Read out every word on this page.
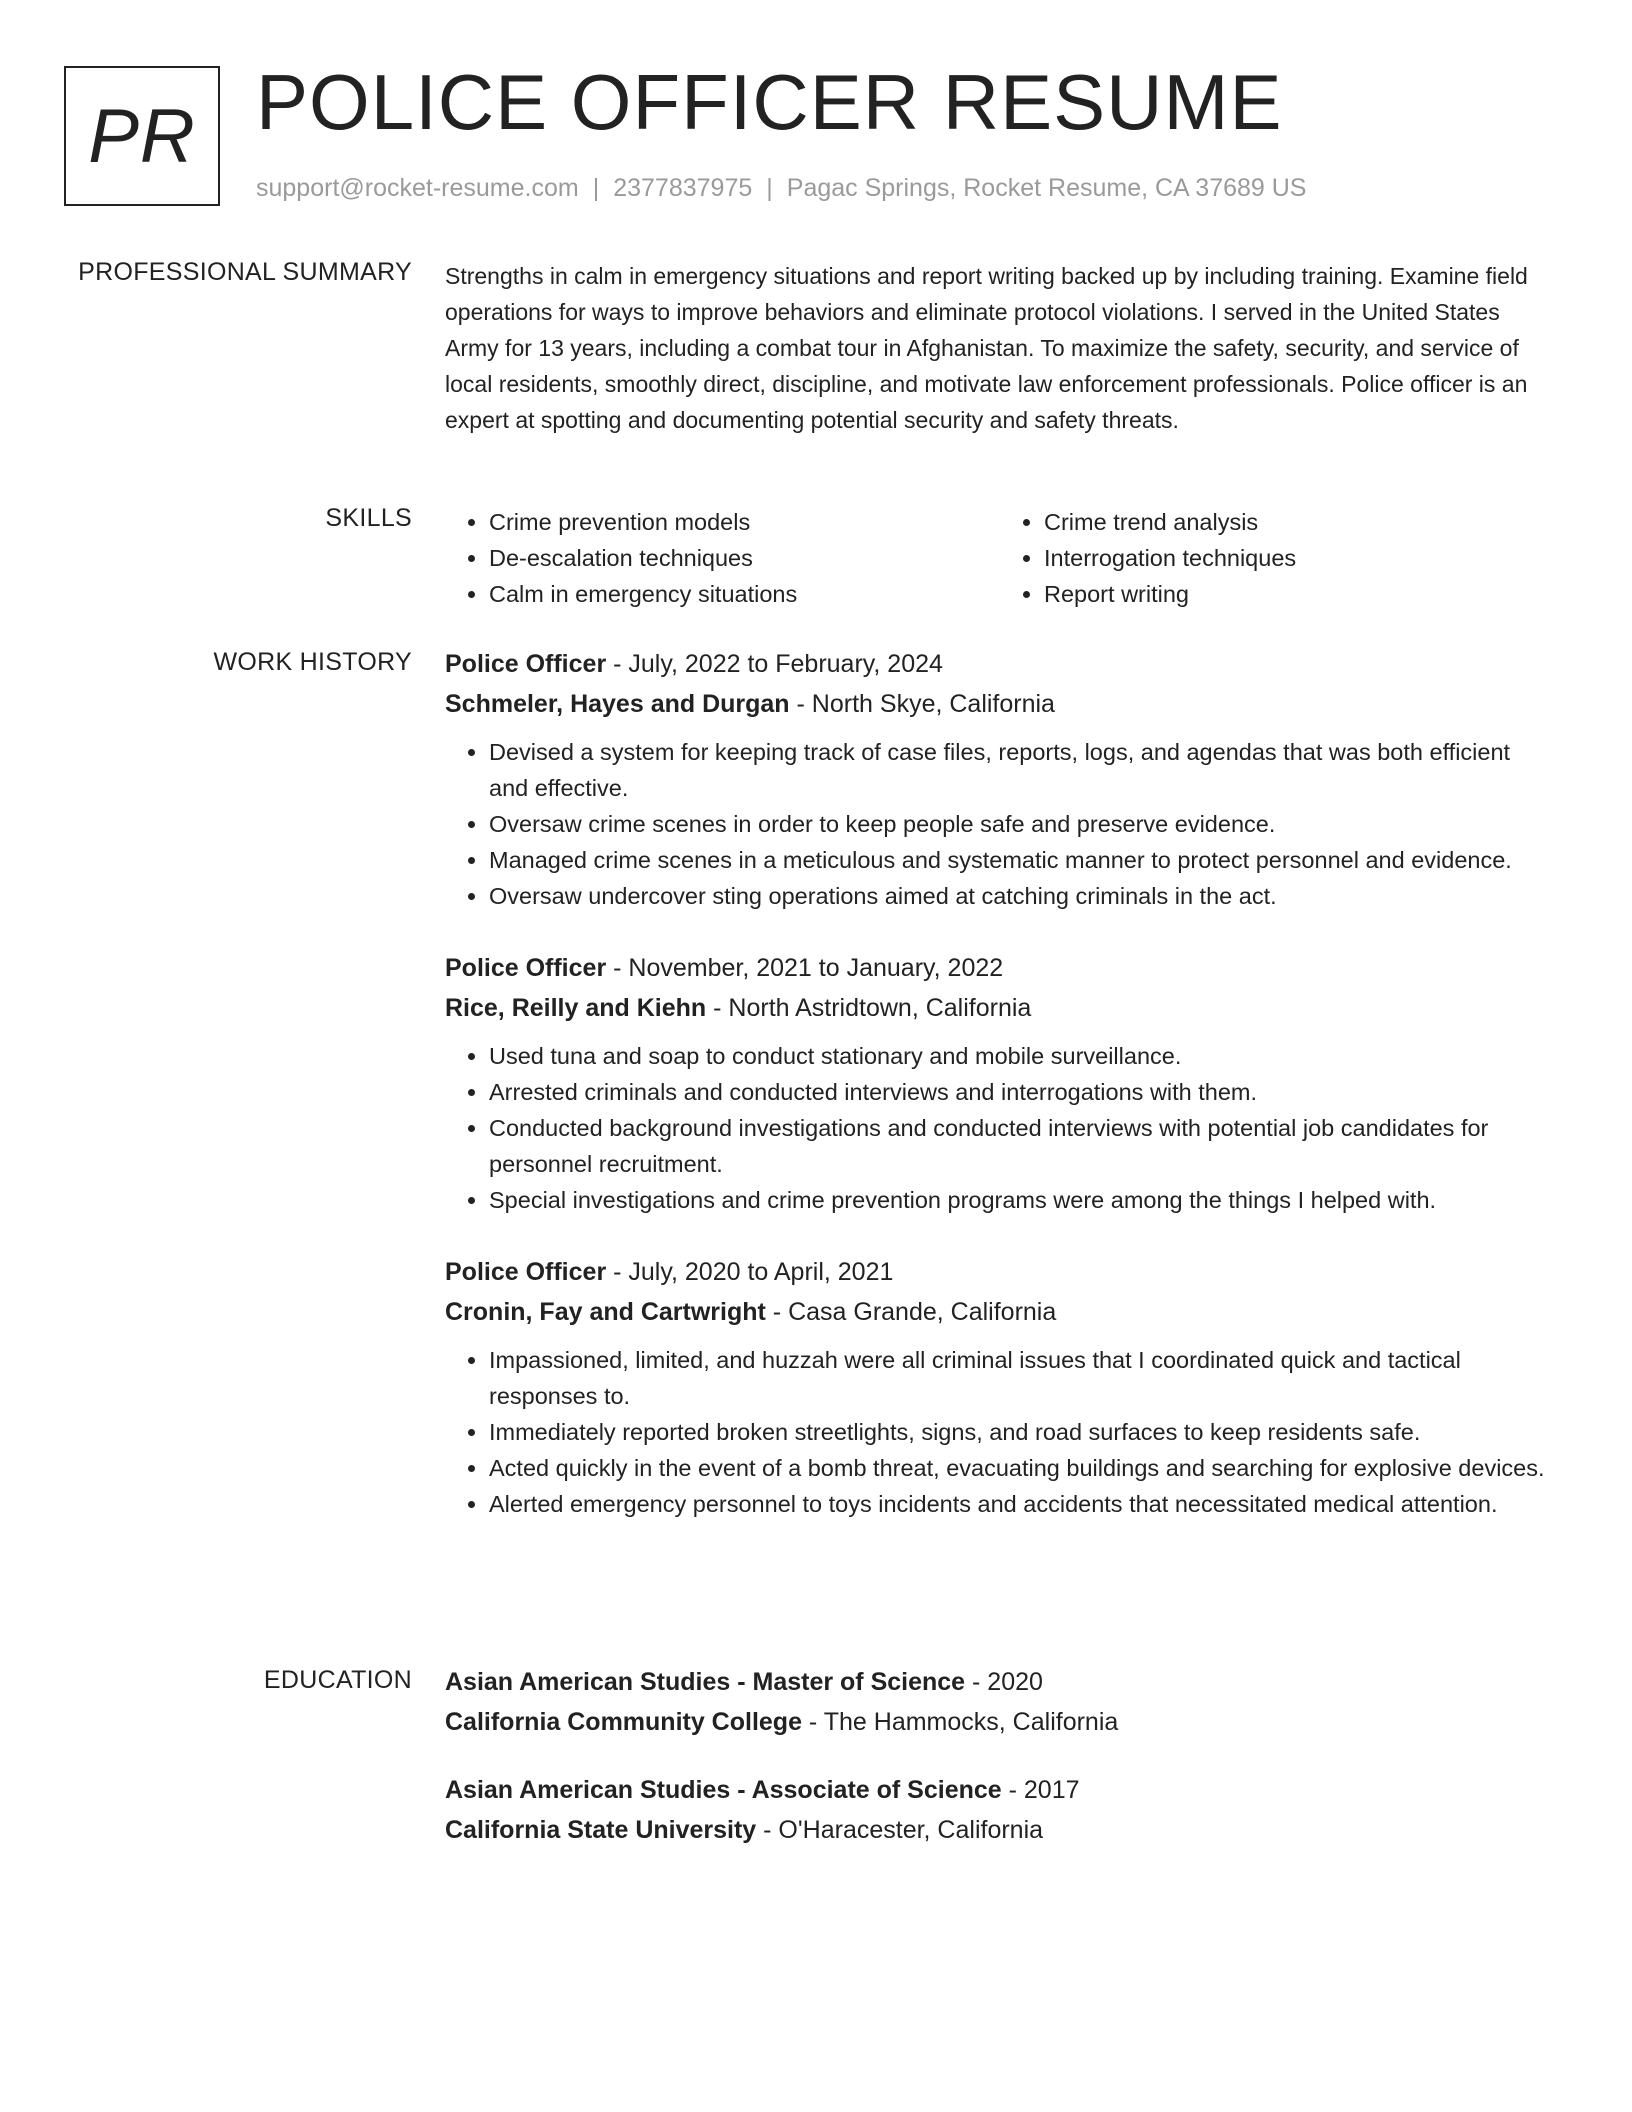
PR POLICE OFFICER RESUME
support@rocket-resume.com | 2377837975 | Pagac Springs, Rocket Resume, CA 37689 US
PROFESSIONAL SUMMARY Strengths in calm in emergency situations and report writing backed up by including training. Examine field operations for ways to improve behaviors and eliminate protocol violations. I served in the United States Army for 13 years, including a combat tour in Afghanistan. To maximize the safety, security, and service of local residents, smoothly direct, discipline, and motivate law enforcement professionals. Police officer is an expert at spotting and documenting potential security and safety threats.

SKILLS
•	Crime prevention models
• De-escalation techniques
• Calm in emergency situations
• Crime trend analysis
• Interrogation techniques
• Report writing
WORK HISTORY Police Officer - July, 2022 to February, 2024
Schmeler, Hayes and Durgan - North Skye, California
• Devised a system for keeping track of case files, reports, logs, and agendas that was both efficient and effective.
• Oversaw crime scenes in order to keep people safe and preserve evidence.
• Managed crime scenes in a meticulous and systematic manner to protect personnel and evidence.
• Oversaw undercover sting operations aimed at catching criminals in the act.
Police Officer - November, 2021 to January, 2022
Rice, Reilly and Kiehn - North Astridtown, California
• Used tuna and soap to conduct stationary and mobile surveillance.
• Arrested criminals and conducted interviews and interrogations with them.
• Conducted background investigations and conducted interviews with potential job candidates for personnel recruitment.
• Special investigations and crime prevention programs were among the things I helped with.
Police Officer - July, 2020 to April, 2021
Cronin, Fay and Cartwright - Casa Grande, California
• Impassioned, limited, and huzzah were all criminal issues that I coordinated quick and tactical responses to.
• Immediately reported broken streetlights, signs, and road surfaces to keep residents safe.
• Acted quickly in the event of a bomb threat, evacuating buildings and searching for explosive devices.
• Alerted emergency personnel to toys incidents and accidents that necessitated medical attention.
EDUCATION Asian American Studies - Master of Science - 2020
California Community College - The Hammocks, California
Asian American Studies - Associate of Science - 2017
California State University - O'Haracester, California
